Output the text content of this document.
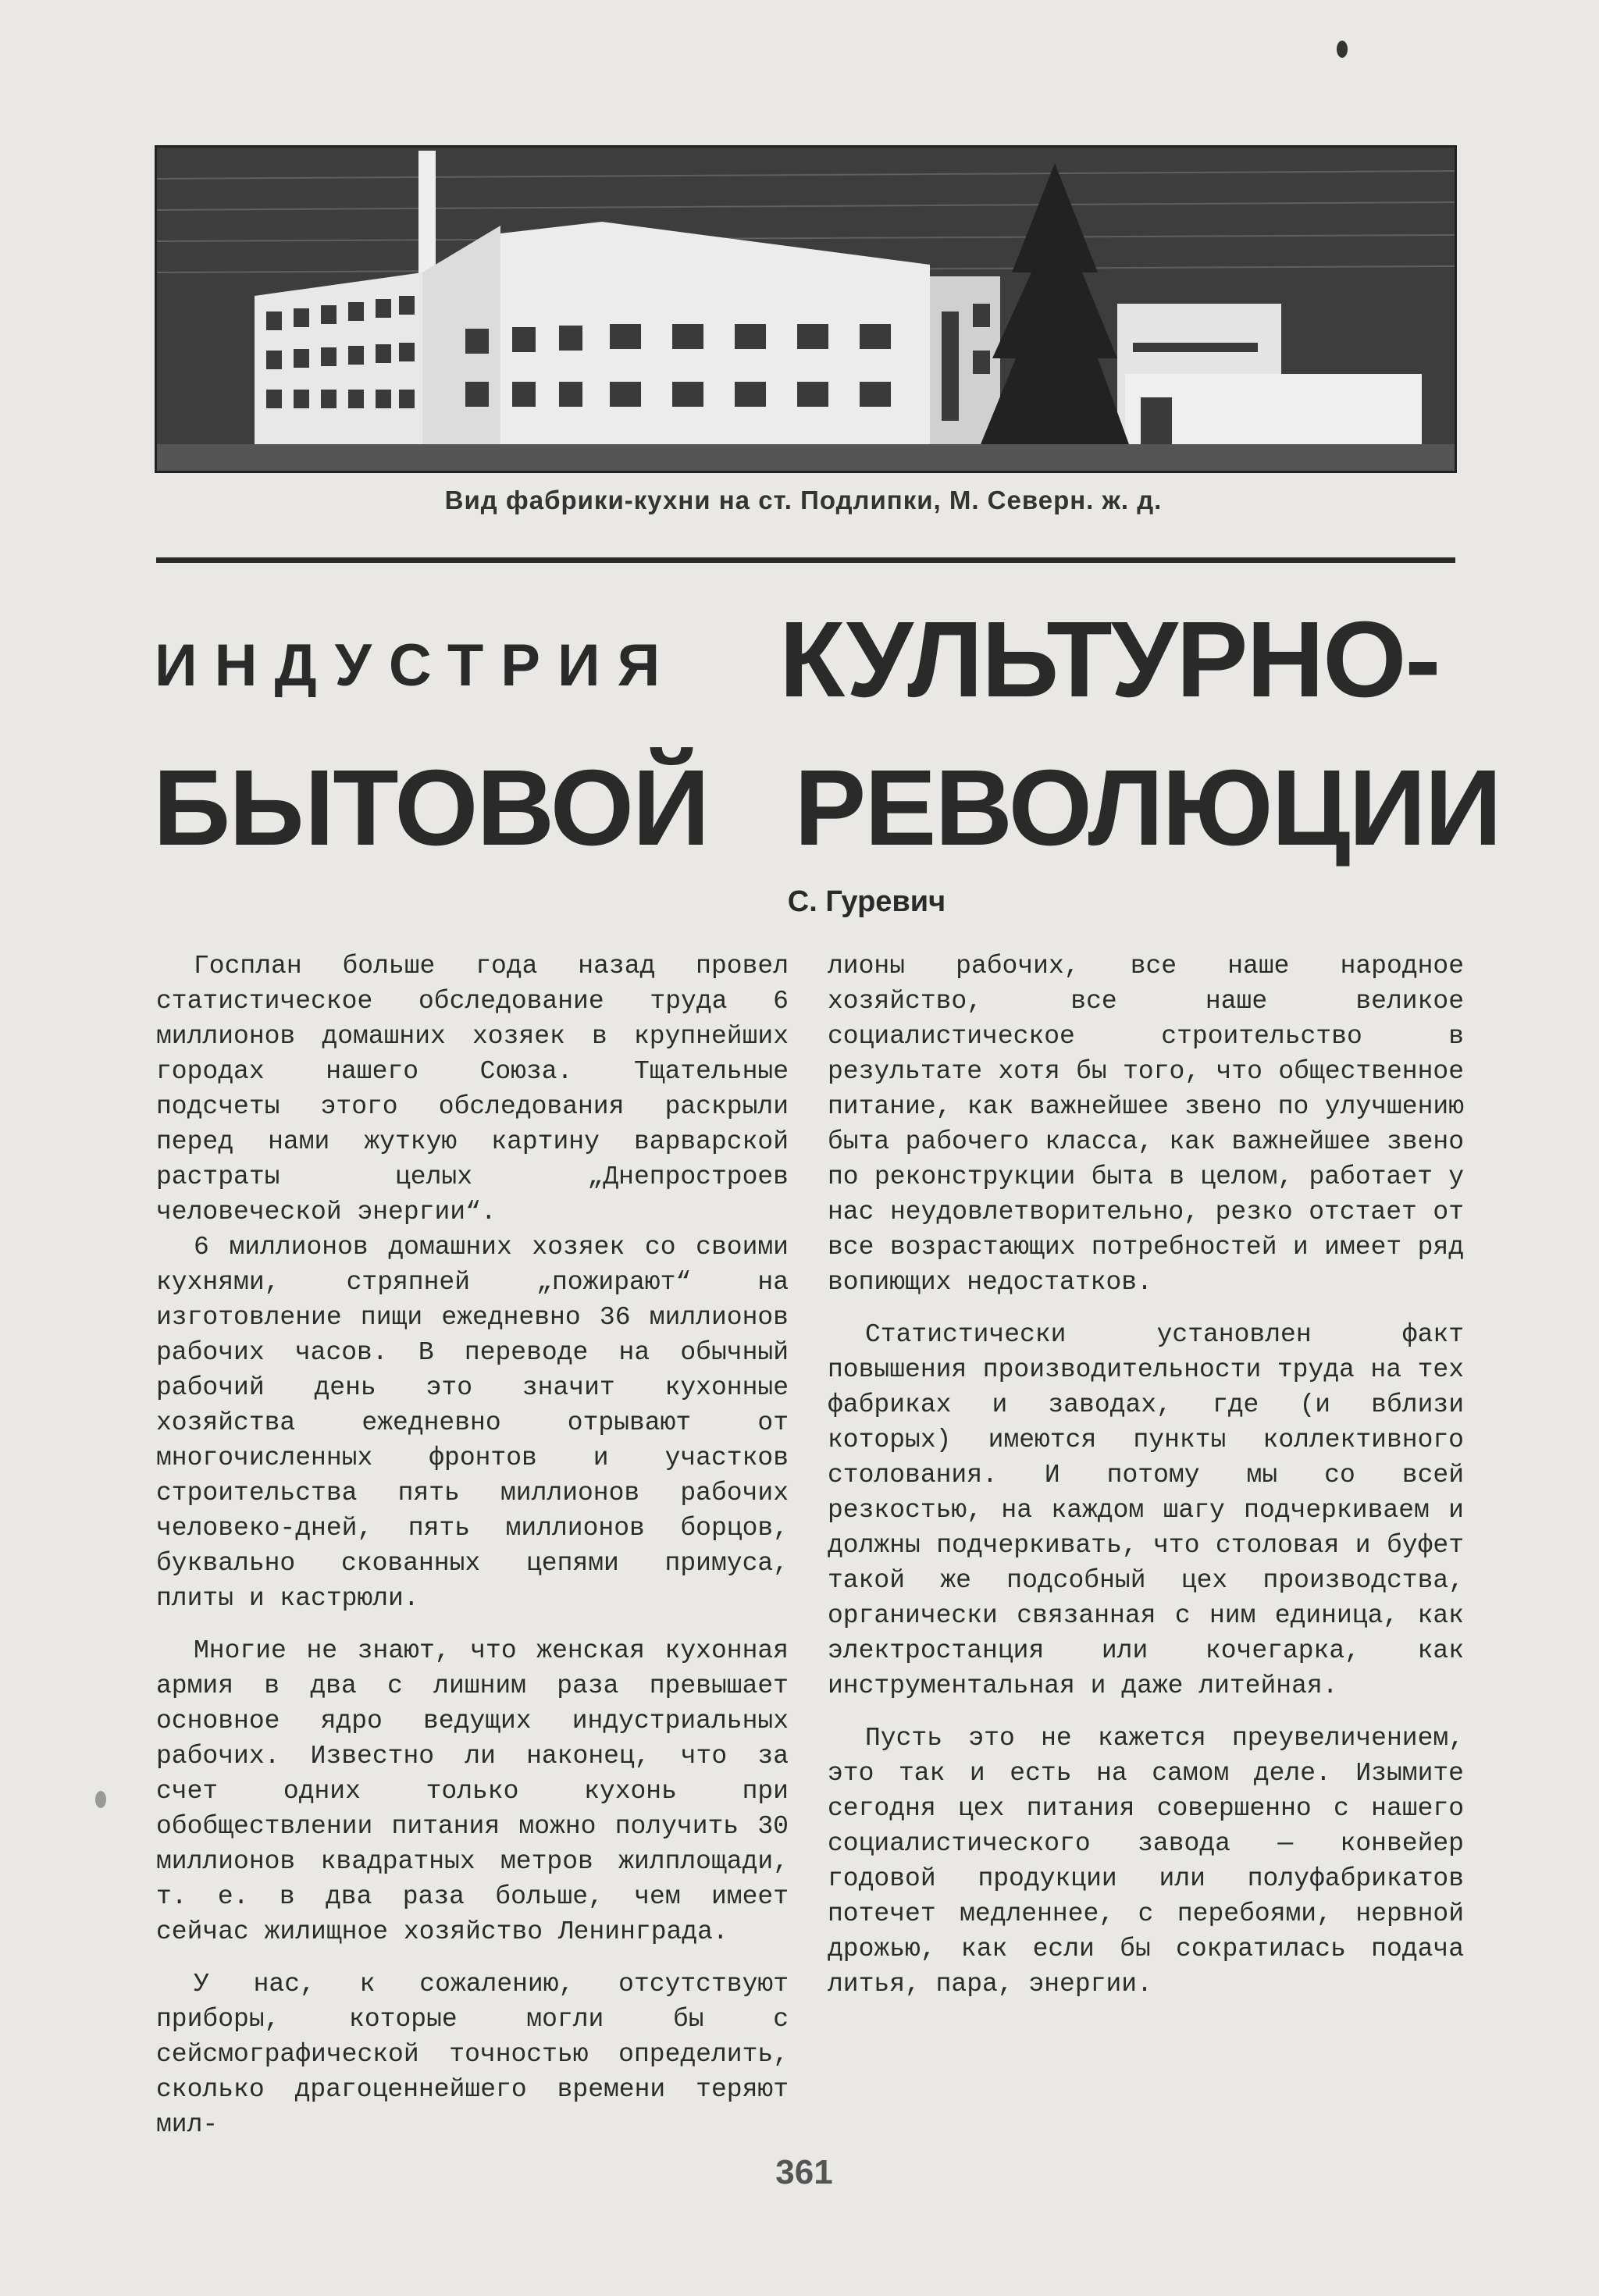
Вид фабрики-кухни на ст. Подлипки, М. Северн. ж. д.
ИНДУСТРИЯ КУЛЬТУРНО-
БЫТОВОЙ РЕВОЛЮЦИИ
С. Гуревич

Госплан больше года назад провел статистическое обследование труда 6 миллионов домашних хозяек в крупнейших городах нашего Союза. Тщательные подсчеты этого обследования раскрыли перед нами жуткую картину варварской растраты целых „Днепростроев человеческой энергии“.

6 миллионов домашних хозяек со своими кухнями, стряпней „пожирают“ на изготовление пищи ежедневно 36 миллионов рабочих часов. В переводе на обычный рабочий день это значит кухонные хозяйства ежедневно отрывают от многочисленных фронтов и участков строительства пять миллионов рабочих человеко-дней, пять миллионов борцов, буквально скованных цепями примуса, плиты и кастрюли.

Многие не знают, что женская кухонная армия в два с лишним раза превышает основное ядро ведущих индустриальных рабочих. Известно ли наконец, что за счет одних только кухонь при обобществлении питания можно получить 30 миллионов квадратных метров жилплощади, т. е. в два раза больше, чем имеет сейчас жилищное хозяйство Ленинграда.

У нас, к сожалению, отсутствуют приборы, которые могли бы с сейсмографической точностью определить, сколько драгоценнейшего времени теряют мил-

лионы рабочих, все наше народное хозяйство, все наше великое социалистическое строительство в результате хотя бы того, что общественное питание, как важнейшее звено по улучшению быта рабочего класса, как важнейшее звено по реконструкции быта в целом, работает у нас неудовлетворительно, резко отстает от все возрастающих потребностей и имеет ряд вопиющих недостатков.

Статистически установлен факт повышения производительности труда на тех фабриках и заводах, где (и вблизи которых) имеются пункты коллективного столования. И потому мы со всей резкостью, на каждом шагу подчеркиваем и должны подчеркивать, что столовая и буфет такой же подсобный цех производства, органически связанная с ним единица, как электростанция или кочегарка, как инструментальная и даже литейная.

Пусть это не кажется преувеличением, это так и есть на самом деле. Изымите сегодня цех питания совершенно с нашего социалистического завода — конвейер годовой продукции или полуфабрикатов потечет медленнее, с перебоями, нервной дрожью, как если бы сократилась подача литья, пара, энергии.

361
